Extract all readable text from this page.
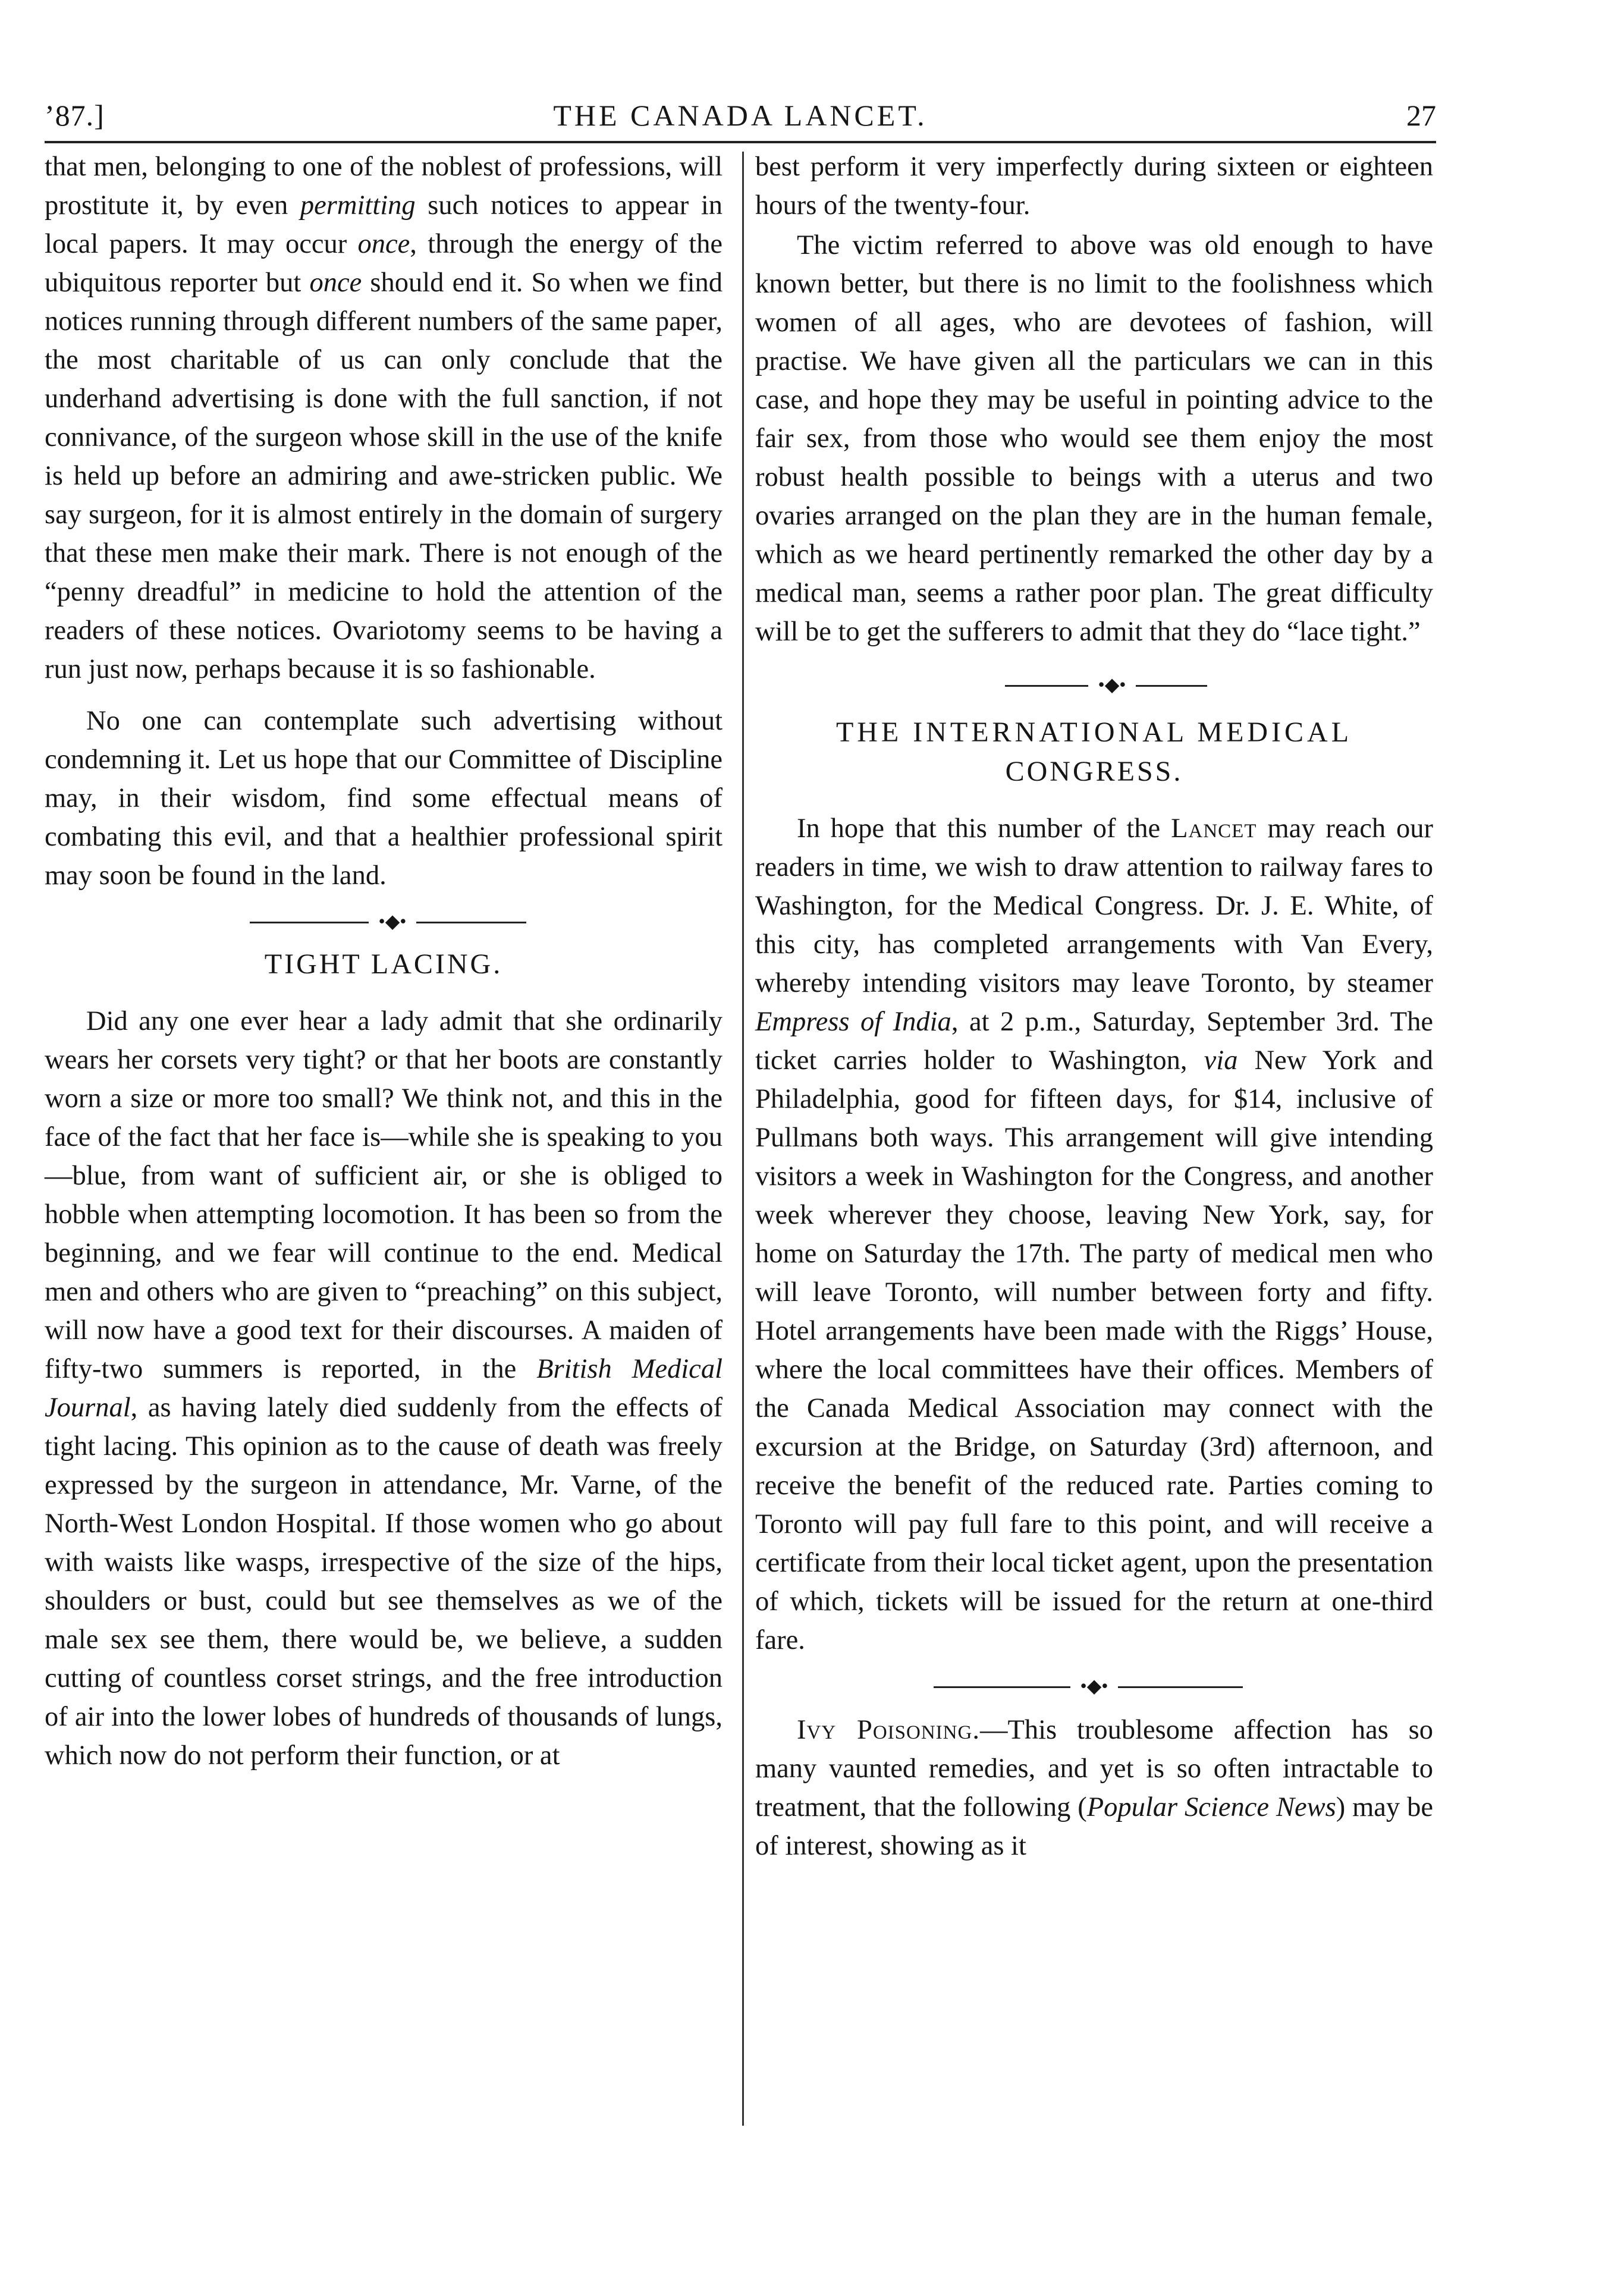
’87.]	THE CANADA LANCET.	27

that men, belonging to one of the noblest of professions, will prostitute it, by even permitting such notices to appear in local papers. It may occur once, through the energy of the ubiquitous reporter but once should end it. So when we find notices running through different numbers of the same paper, the most charitable of us can only conclude that the underhand advertising is done with the full sanction, if not connivance, of the surgeon whose skill in the use of the knife is held up before an admiring and awe-stricken public. We say surgeon, for it is almost entirely in the domain of surgery that these men make their mark. There is not enough of the “penny dreadful” in medicine to hold the attention of the readers of these notices. Ovariotomy seems to be having a run just now, perhaps because it is so fashionable.

No one can contemplate such advertising without condemning it. Let us hope that our Committee of Discipline may, in their wisdom, find some effectual means of combating this evil, and that a healthier professional spirit may soon be found in the land.

•◆•
TIGHT LACING.

Did any one ever hear a lady admit that she ordinarily wears her corsets very tight? or that her boots are constantly worn a size or more too small? We think not, and this in the face of the fact that her face is—while she is speaking to you—blue, from want of sufficient air, or she is obliged to hobble when attempting locomotion. It has been so from the beginning, and we fear will continue to the end. Medical men and others who are given to “preaching” on this subject, will now have a good text for their discourses. A maiden of fifty-two summers is reported, in the British Medical Journal, as having lately died suddenly from the effects of tight lacing. This opinion as to the cause of death was freely expressed by the surgeon in attendance, Mr. Varne, of the North-West London Hospital. If those women who go about with waists like wasps, irrespective of the size of the hips, shoulders or bust, could but see themselves as we of the male sex see them, there would be, we believe, a sudden cutting of countless corset strings, and the free introduction of air into the lower lobes of hundreds of thousands of lungs, which now do not perform their function, or at

best perform it very imperfectly during sixteen or eighteen hours of the twenty-four.

The victim referred to above was old enough to have known better, but there is no limit to the foolishness which women of all ages, who are devotees of fashion, will practise. We have given all the particulars we can in this case, and hope they may be useful in pointing advice to the fair sex, from those who would see them enjoy the most robust health possible to beings with a uterus and two ovaries arranged on the plan they are in the human female, which as we heard pertinently remarked the other day by a medical man, seems a rather poor plan. The great difficulty will be to get the sufferers to admit that they do “lace tight.”

•◆•
THE INTERNATIONAL MEDICAL
CONGRESS.

In hope that this number of the Lancet may reach our readers in time, we wish to draw attention to railway fares to Washington, for the Medical Congress. Dr. J. E. White, of this city, has completed arrangements with Van Every, whereby intending visitors may leave Toronto, by steamer Empress of India, at 2 p.m., Saturday, September 3rd. The ticket carries holder to Washington, via New York and Philadelphia, good for fifteen days, for $14, inclusive of Pullmans both ways. This arrangement will give intending visitors a week in Washington for the Congress, and another week wherever they choose, leaving New York, say, for home on Saturday the 17th. The party of medical men who will leave Toronto, will number between forty and fifty. Hotel arrangements have been made with the Riggs’ House, where the local committees have their offices. Members of the Canada Medical Association may connect with the excursion at the Bridge, on Saturday (3rd) afternoon, and receive the benefit of the reduced rate. Parties coming to Toronto will pay full fare to this point, and will receive a certificate from their local ticket agent, upon the presentation of which, tickets will be issued for the return at one-third fare.

•◆•

Ivy Poisoning.—This troublesome affection has so many vaunted remedies, and yet is so often intractable to treatment, that the following (Popular Science News) may be of interest, showing as it
